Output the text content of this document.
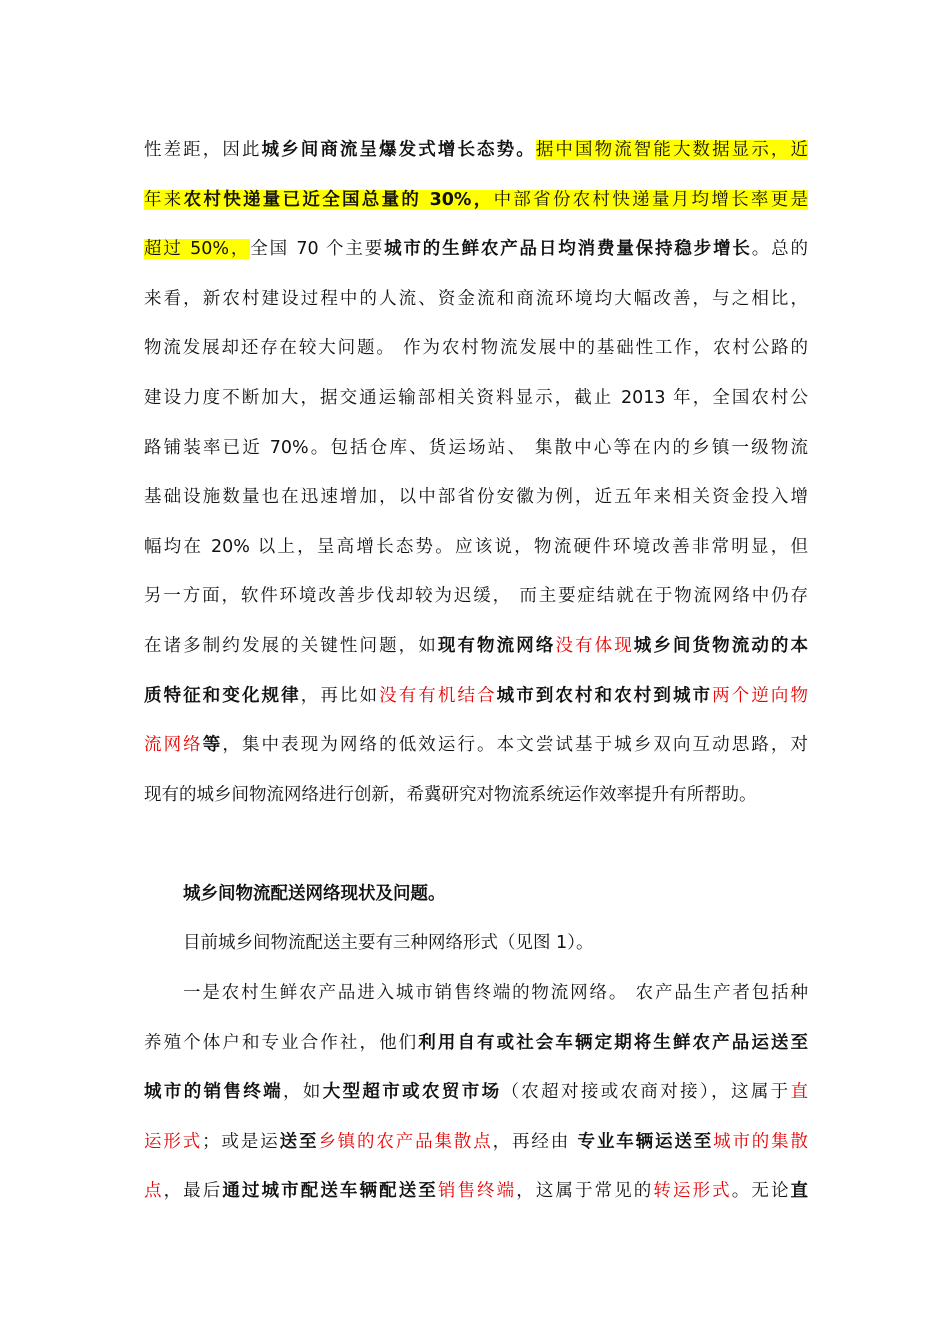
性差距，因此城乡间商流呈爆发式增长态势。据中国物流智能大数据显示，近
年来农村快递量已近全国总量的 30%，中部省份农村快递量月均增长率更是
超过 50%，全国 70 个主要城市的生鲜农产品日均消费量保持稳步增长。总的
来看，新农村建设过程中的人流、资金流和商流环境均大幅改善，与之相比，
物流发展却还存在较大问题。 作为农村物流发展中的基础性工作，农村公路的
建设力度不断加大，据交通运输部相关资料显示，截止 2013 年，全国农村公
路铺装率已近 70%。包括仓库、货运场站、 集散中心等在内的乡镇一级物流
基础设施数量也在迅速增加，以中部省份安徽为例，近五年来相关资金投入增
幅均在 20% 以上，呈高增长态势。应该说，物流硬件环境改善非常明显，但
另一方面，软件环境改善步伐却较为迟缓， 而主要症结就在于物流网络中仍存
在诸多制约发展的关键性问题，如现有物流网络没有体现城乡间货物流动的本
质特征和变化规律，再比如没有有机结合城市到农村和农村到城市两个逆向物
流网络等，集中表现为网络的低效运行。本文尝试基于城乡双向互动思路，对
现有的城乡间物流网络进行创新，希冀研究对物流系统运作效率提升有所帮助。
城乡间物流配送网络现状及问题。
目前城乡间物流配送主要有三种网络形式（见图 1）。
一是农村生鲜农产品进入城市销售终端的物流网络。 农产品生产者包括种
养殖个体户和专业合作社，他们利用自有或社会车辆定期将生鲜农产品运送至
城市的销售终端，如大型超市或农贸市场（农超对接或农商对接），这属于直
运形式；或是运送至乡镇的农产品集散点，再经由 专业车辆运送至城市的集散
点，最后通过城市配送车辆配送至销售终端，这属于常见的转运形式。无论直
